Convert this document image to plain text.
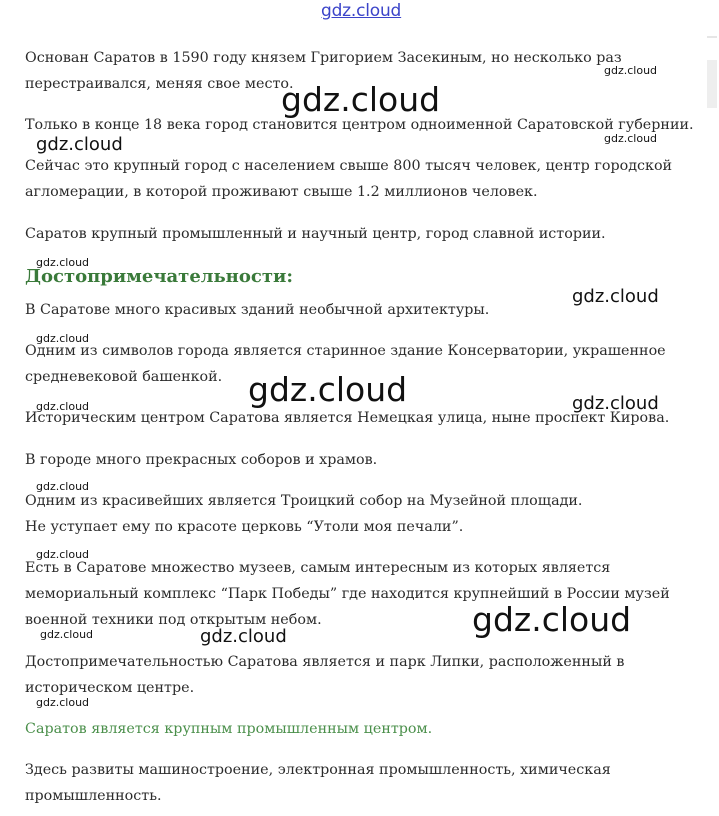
gdz.cloud

Основан Саратов в 1590 году князем Григорием Засекиным, но несколько раз

перестраивался, меняя свое место.

Только в конце 18 века город становится центром одноименной Саратовской губернии.

Сейчас это крупный город с населением свыше 800 тысяч человек, центр городской

агломерации, в которой проживают свыше 1.2 миллионов человек.

Саратов крупный промышленный и научный центр, город славной истории.

Достопримечательности:

В Саратове много красивых зданий необычной архитектуры.

Одним из символов города является старинное здание Консерватории, украшенное

средневековой башенкой.

Историческим центром Саратова является Немецкая улица, ныне проспект Кирова.

В городе много прекрасных соборов и храмов.

Одним из красивейших является Троицкий собор на Музейной площади.

Не уступает ему по красоте церковь “Утоли моя печали”.

Есть в Саратове множество музеев, самым интересным из которых является

мемориальный комплекс “Парк Победы” где находится крупнейший в России музей

военной техники под открытым небом.

Достопримечательностью Саратова является и парк Липки, расположенный в

историческом центре.

Саратов является крупным промышленным центром.

Здесь развиты машиностроение, электронная промышленность, химическая

промышленность.

gdz.cloud
gdz.cloud
gdz.cloud
gdz.cloud
gdz.cloud
gdz.cloud
gdz.cloud
gdz.cloud
gdz.cloud	gdz.cloud
gdz.cloud
gdz.cloud
gdz.cloud
gdz.cloud	gdz.cloud
gdz.cloud
